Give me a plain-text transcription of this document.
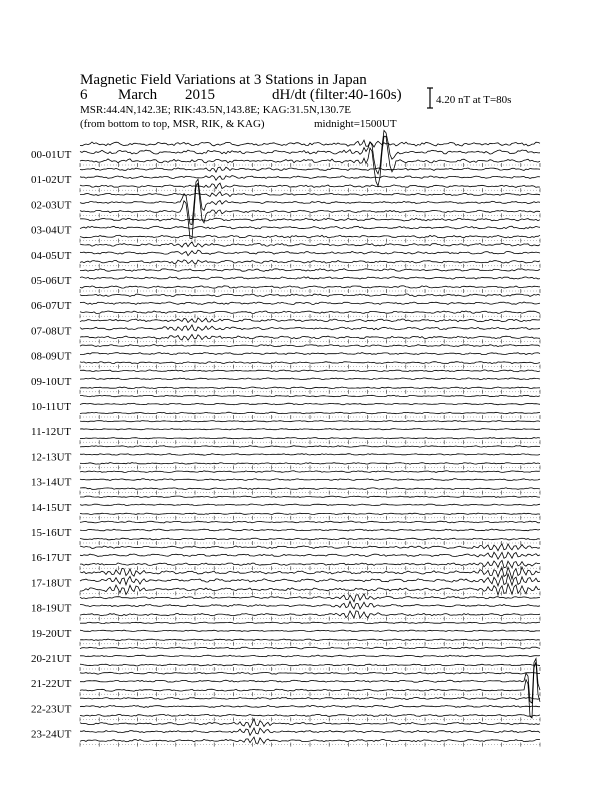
Magnetic Field Variations at 3 Stations in Japan
6 March 2015	dH/dt (filter:40-160s)
MSR:44.4N,142.3E; RIK:43.5N,143.8E; KAG:31.5N,130.7E
(from bottom to top, MSR, RIK, & KAG)	midnight=1500UT
4.20 nT at T=80s
00-01UT
01-02UT
02-03UT
03-04UT
04-05UT
05-06UT
06-07UT
07-08UT
08-09UT
09-10UT
10-11UT
11-12UT
12-13UT
13-14UT
14-15UT
15-16UT
16-17UT
17-18UT
18-19UT
19-20UT
20-21UT
21-22UT
22-23UT
23-24UT
